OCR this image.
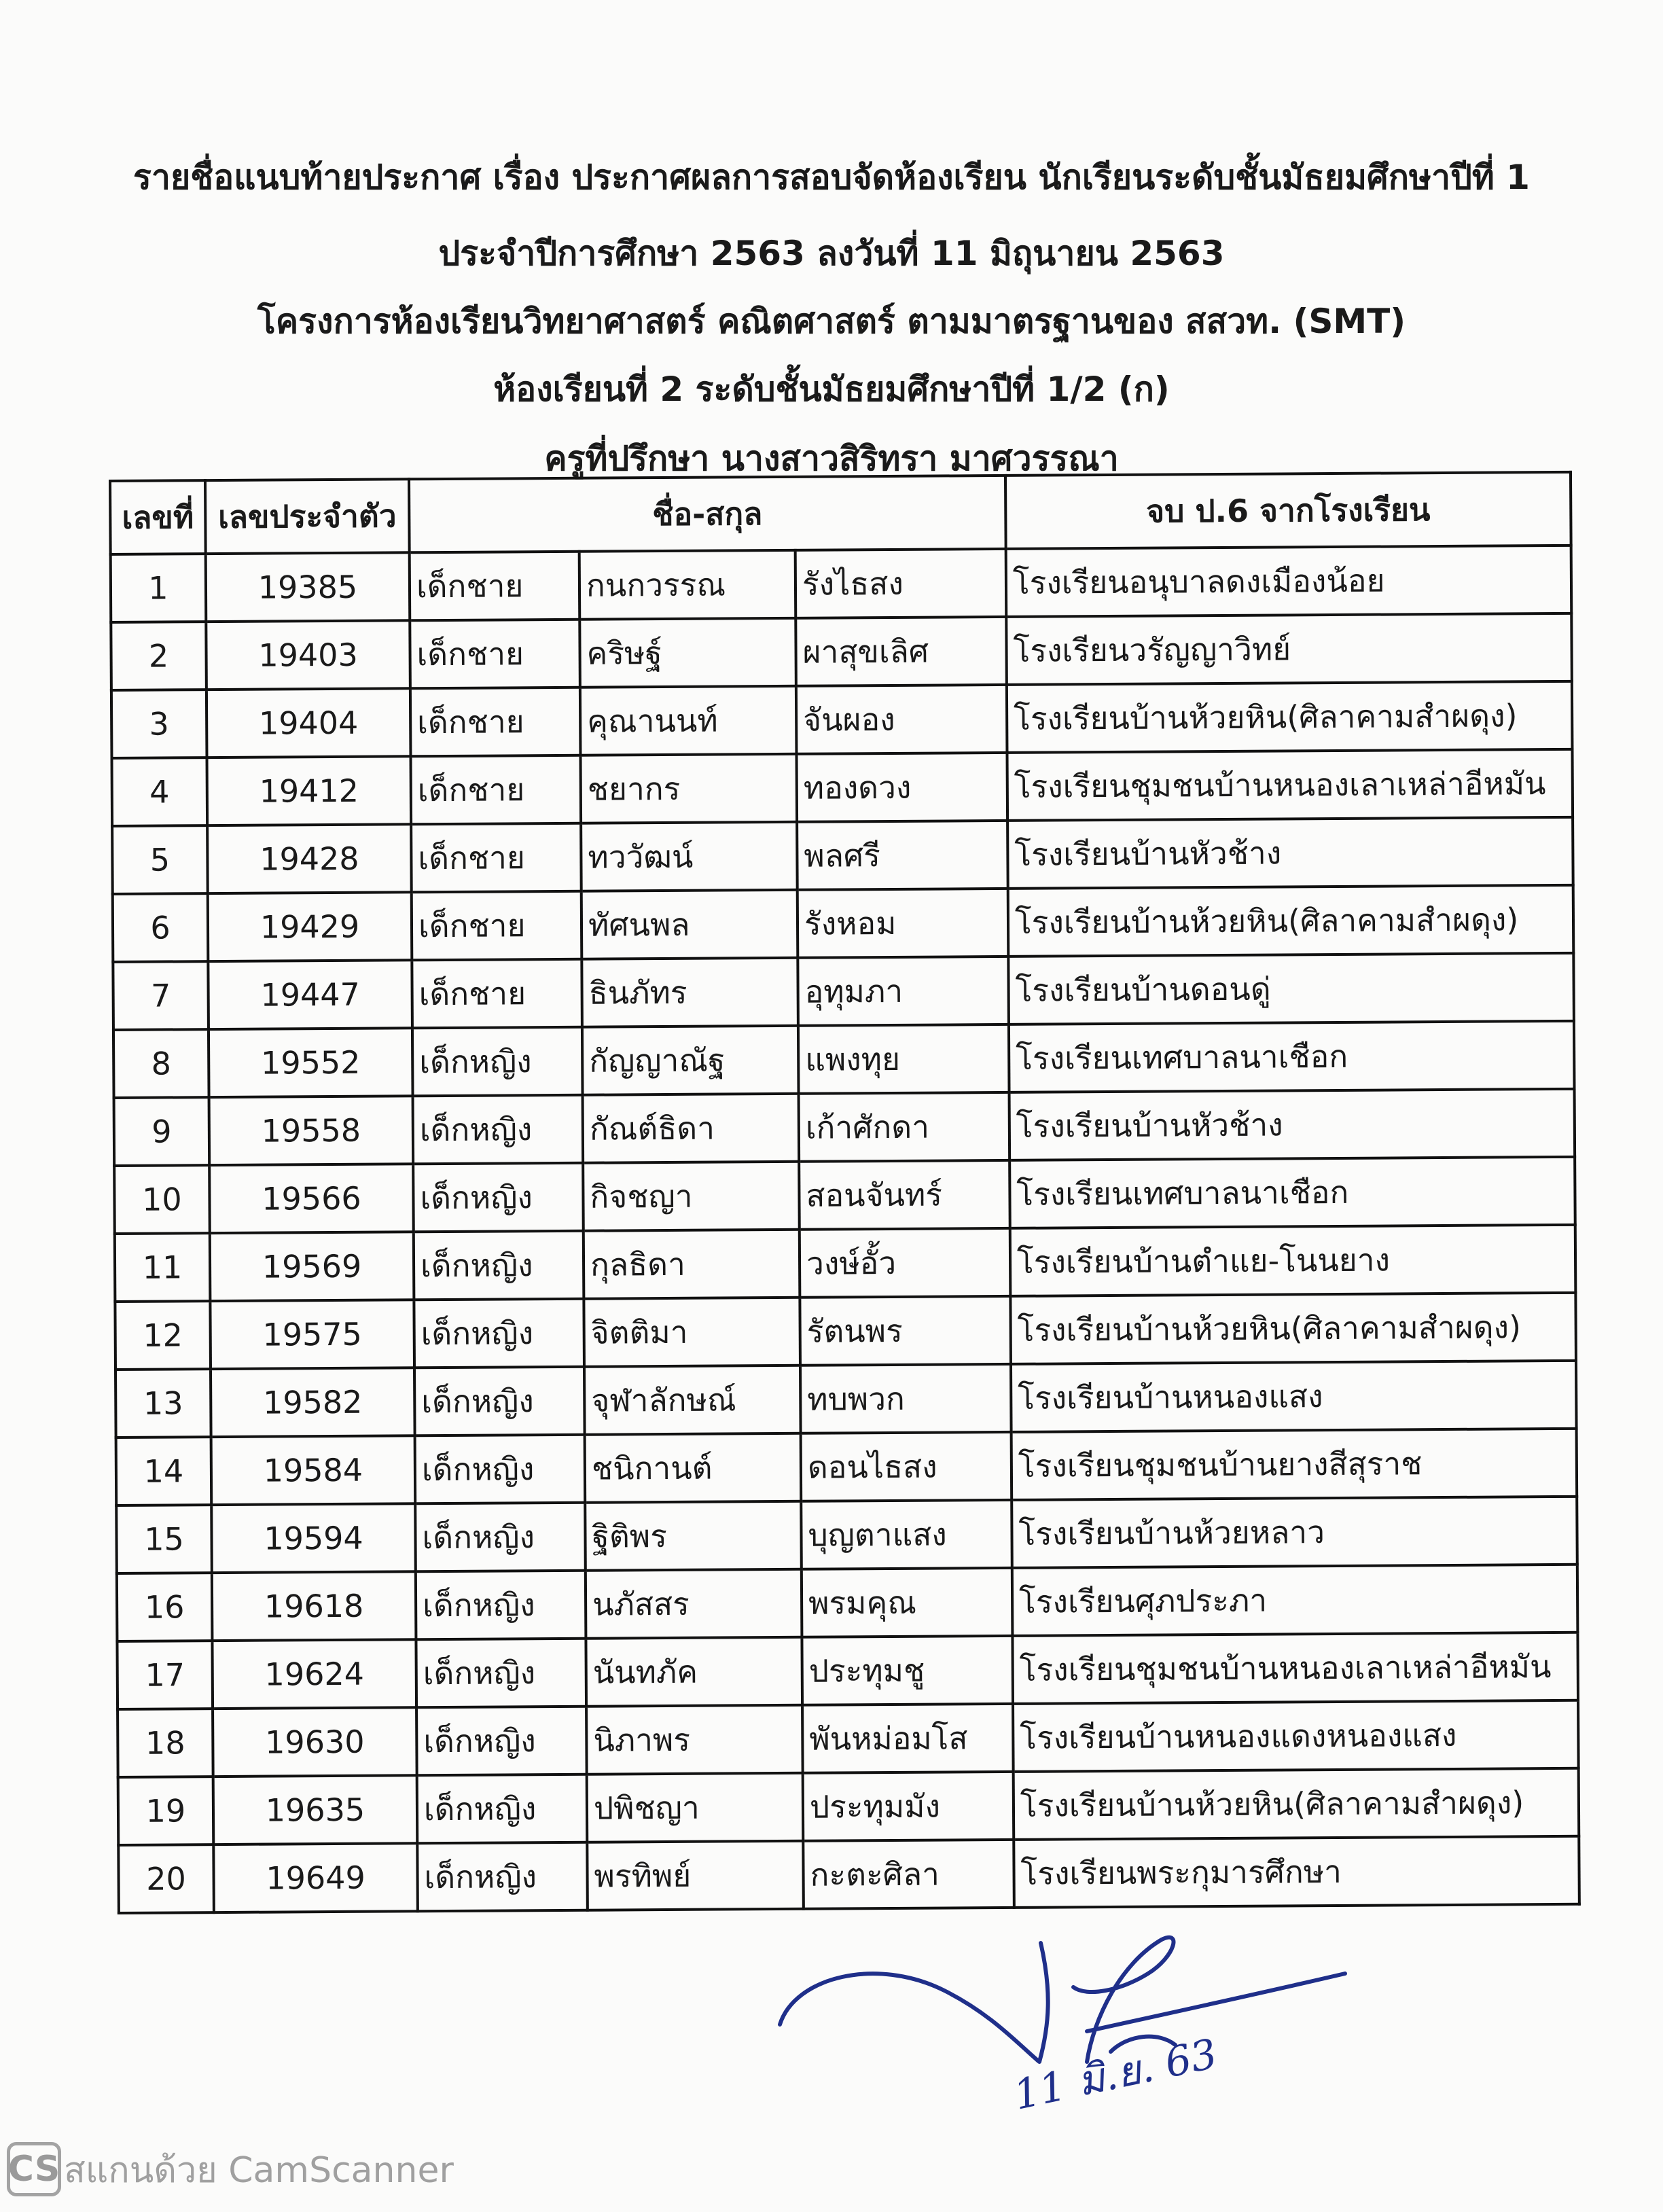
รายชื่อแนบท้ายประกาศ เรื่อง ประกาศผลการสอบจัดห้องเรียน นักเรียนระดับชั้นมัธยมศึกษาปีที่ 1
ประจำปีการศึกษา 2563 ลงวันที่ 11 มิถุนายน 2563
โครงการห้องเรียนวิทยาศาสตร์ คณิตศาสตร์ ตามมาตรฐานของ สสวท. (SMT)
ห้องเรียนที่ 2 ระดับชั้นมัธยมศึกษาปีที่ 1/2 (ก)
ครูที่ปรึกษา นางสาวสิริทรา มาศวรรณา
เลขที่	เลขประจำตัว	ชื่อ-สกุล			จบ ป.6 จากโรงเรียน
1	19385	เด็กชาย	กนกวรรณ	รังไธสง	โรงเรียนอนุบาลดงเมืองน้อย
2	19403	เด็กชาย	คริษฐ์	ผาสุขเลิศ	โรงเรียนวรัญญาวิทย์
3	19404	เด็กชาย	คุณานนท์	จันผอง	โรงเรียนบ้านห้วยหิน(ศิลาคามสำผดุง)
4	19412	เด็กชาย	ชยากร	ทองดวง	โรงเรียนชุมชนบ้านหนองเลาเหล่าอีหมัน
5	19428	เด็กชาย	ทววัฒน์	พลศรี	โรงเรียนบ้านหัวช้าง
6	19429	เด็กชาย	ทัศนพล	รังหอม	โรงเรียนบ้านห้วยหิน(ศิลาคามสำผดุง)
7	19447	เด็กชาย	ธินภัทร	อุทุมภา	โรงเรียนบ้านดอนดู่
8	19552	เด็กหญิง	กัญญาณัฐ	แพงทุย	โรงเรียนเทศบาลนาเชือก
9	19558	เด็กหญิง	กัณต์ธิดา	เก้าศักดา	โรงเรียนบ้านหัวช้าง
10	19566	เด็กหญิง	กิจชญา	สอนจันทร์	โรงเรียนเทศบาลนาเชือก
11	19569	เด็กหญิง	กุลธิดา	วงษ์อั้ว	โรงเรียนบ้านตำแย-โนนยาง
12	19575	เด็กหญิง	จิตติมา	รัตนพร	โรงเรียนบ้านห้วยหิน(ศิลาคามสำผดุง)
13	19582	เด็กหญิง	จุฬาลักษณ์	ทบพวก	โรงเรียนบ้านหนองแสง
14	19584	เด็กหญิง	ชนิกานต์	ดอนไธสง	โรงเรียนชุมชนบ้านยางสีสุราช
15	19594	เด็กหญิง	ฐิติพร	บุญตาแสง	โรงเรียนบ้านห้วยหลาว
16	19618	เด็กหญิง	นภัสสร	พรมคุณ	โรงเรียนศุภประภา
17	19624	เด็กหญิง	นันทภัค	ประทุมชู	โรงเรียนชุมชนบ้านหนองเลาเหล่าอีหมัน
18	19630	เด็กหญิง	นิภาพร	พันหม่อมโส	โรงเรียนบ้านหนองแดงหนองแสง
19	19635	เด็กหญิง	ปพิชญา	ประทุมมัง	โรงเรียนบ้านห้วยหิน(ศิลาคามสำผดุง)
20	19649	เด็กหญิง	พรทิพย์	กะตะศิลา	โรงเรียนพระกุมารศึกษา
11 มิ.ย. 63
CS สแกนด้วย CamScanner
